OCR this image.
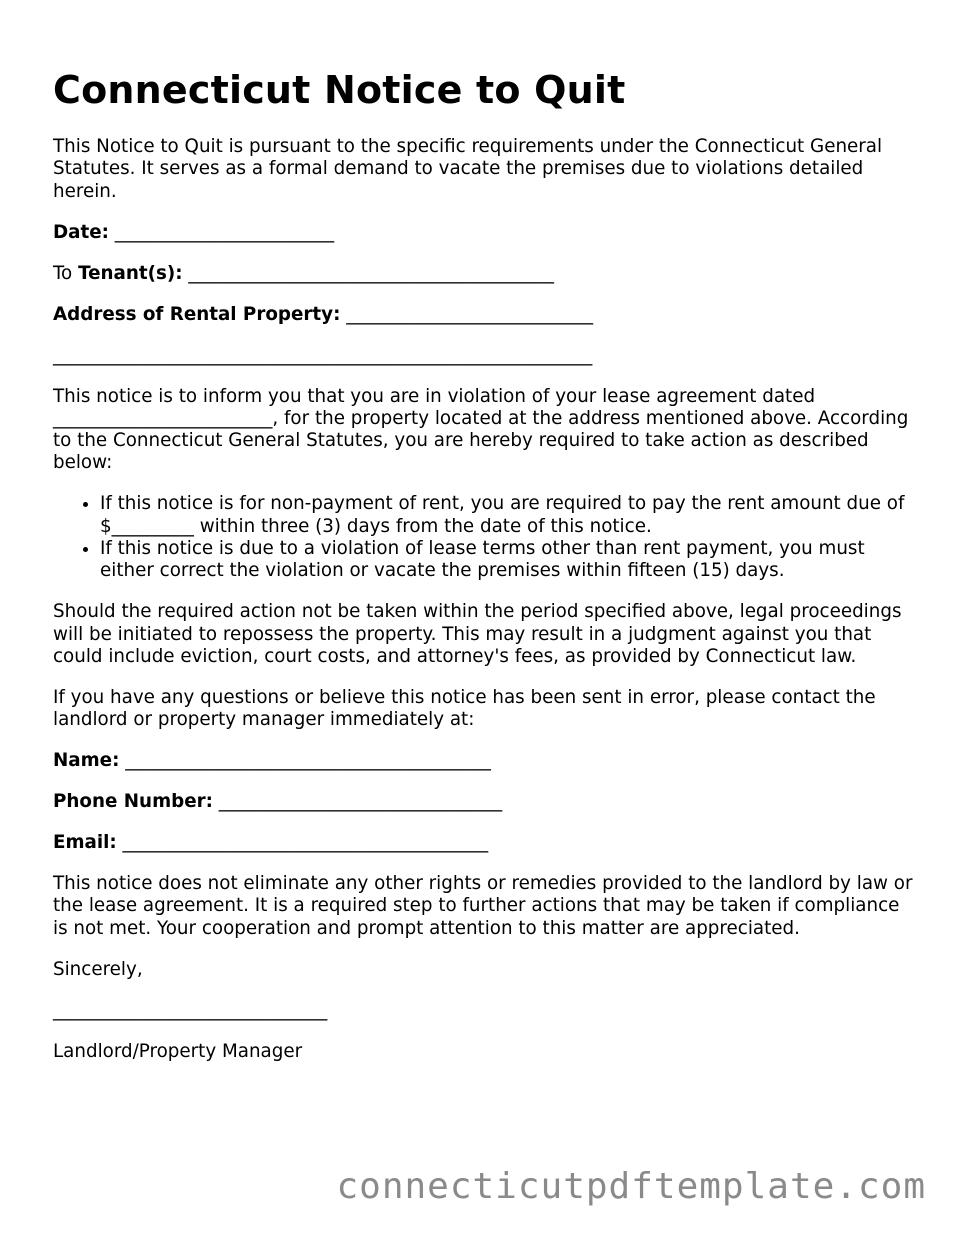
Connecticut Notice to Quit

This Notice to Quit is pursuant to the specific requirements under the Connecticut General Statutes. It serves as a formal demand to vacate the premises due to violations detailed herein.

Date: ________________________

To Tenant(s): ________________________________________

Address of Rental Property: ___________________________

___________________________________________________________

This notice is to inform you that you are in violation of your lease agreement dated ________________________, for the property located at the address mentioned above. According to the Connecticut General Statutes, you are hereby required to take action as described below:

• If this notice is for non-payment of rent, you are required to pay the rent amount due of $_________ within three (3) days from the date of this notice.
• If this notice is due to a violation of lease terms other than rent payment, you must either correct the violation or vacate the premises within fifteen (15) days.

Should the required action not be taken within the period specified above, legal proceedings will be initiated to repossess the property. This may result in a judgment against you that could include eviction, court costs, and attorney's fees, as provided by Connecticut law.

If you have any questions or believe this notice has been sent in error, please contact the landlord or property manager immediately at:

Name: ________________________________________

Phone Number: _______________________________

Email: ________________________________________

This notice does not eliminate any other rights or remedies provided to the landlord by law or the lease agreement. It is a required step to further actions that may be taken if compliance is not met. Your cooperation and prompt attention to this matter are appreciated.

Sincerely,

______________________________

Landlord/Property Manager

connecticutpdftemplate.com
